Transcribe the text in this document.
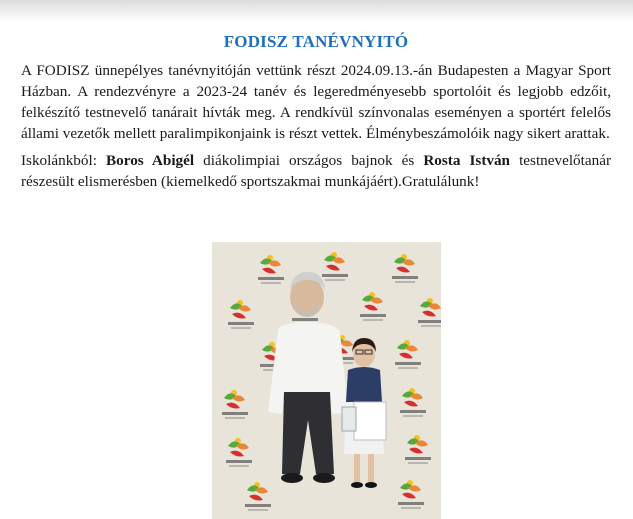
FODISZ TANÉVNYITÓ

A FODISZ ünnepélyes tanévnyitóján vettünk részt 2024.09.13.-án Budapesten a Magyar Sport Házban. A rendezvényre a 2023-24 tanév és legeredményesebb sportolóit és legjobb edzőit, felkészítő testnevelő tanárait hívták meg. A rendkívül színvonalas eseményen a sportért felelős állami vezetők mellett paralimpikonjaink is részt vettek. Élménybeszámolóik nagy sikert arattak.

Iskolánkból: Boros Abigél diákolimpiai országos bajnok és Rosta István testnevelőtanár részesült elismerésben (kiemelkedő sportszakmai munkájáért).Gratulálunk!
